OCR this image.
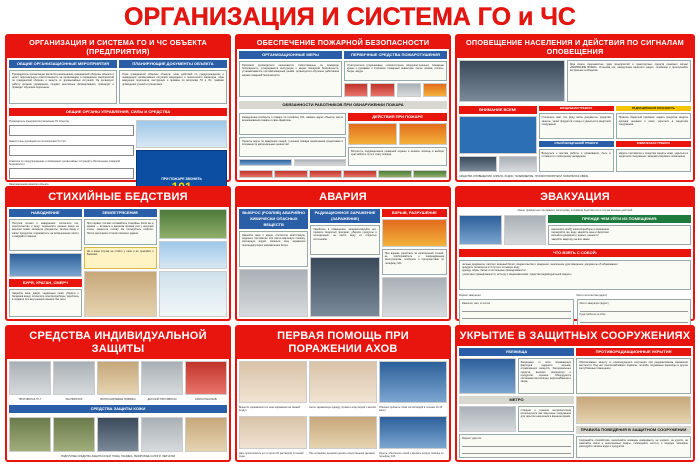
ОРГАНИЗАЦИЯ И СИСТЕМА ГО и ЧС
ОРГАНИЗАЦИЯ И СИСТЕМА ГО И ЧС ОБЪЕКТА (ПРЕДПРИЯТИЯ)
ОБЩИЕ ОРГАНИЗАЦИОННЫЕ МЕРОПРИЯТИЯ
Руководитель организации является начальником гражданской обороны объекта и несёт персональную ответственность за организацию и проведение мероприятий по гражданской обороне и защите от чрезвычайных ситуаций. Он организует работу органов управления, создаёт нештатные формирования, планирует и проводит обучение персонала.
ПЛАНИРУЮЩИЕ ДОКУМЕНТЫ ОБЪЕКТА
План гражданской обороны объекта, план действий по предупреждению и ликвидации чрезвычайных ситуаций природного и техногенного характера, план эвакуации персонала, инструкции и приказы по вопросам ГО и ЧС, графики проведения учений и тренировок.
ОБЩИЕ ОРГАНЫ УПРАВЛЕНИЯ, СИЛЫ И СРЕДСТВА
Руководитель предприятия (начальник ГО объекта)
Заместитель руководителя по вопросам ГО и ЧС
Комиссия по предупреждению и ликвидации чрезвычайных ситуаций и обеспечению пожарной безопасности
Эвакуационная комиссия объекта
ПРИ ПОЖАРЕ ЗВОНИТЬ
ОБЕСПЕЧЕНИЕ ПОЖАРНОЙ БЕЗОПАСНОСТИ
ОРГАНИЗАЦИОННЫЕ МЕРЫ
Приказом руководителя назначаются ответственные за пожарную безопасность, утверждаются инструкции о мерах пожарной безопасности, устанавливается противопожарный режим, организуется обучение работников мерам пожарной безопасности.
ПЕРВИЧНЫЕ СРЕДСТВА ПОЖАРОТУШЕНИЯ
Огнетушители (порошковые, углекислотные, воздушно-пенные), пожарные краны с рукавами и стволами, пожарный инвентарь: песок, кошма, лопаты, багры, вёдра.
ОБЯЗАННОСТИ РАБОТНИКОВ ПРИ ОБНАРУЖЕНИИ ПОЖАРА
Немедленно сообщить о пожаре по телефону 101, назвать адрес объекта, место возникновения пожара и свою фамилию.
Принять меры по эвакуации людей, тушению пожара первичными средствами и сохранности материальных ценностей.
ДЕЙСТВИЯ ПРИ ПОЖАРЕ
Встретить подразделения пожарной охраны и оказать помощь в выборе кратчайшего пути к очагу пожара.
ОПОВЕЩЕНИЕ НАСЕЛЕНИЯ И ДЕЙСТВИЯ ПО СИГНАЛАМ ОПОВЕЩЕНИЯ
Звук сирен, прерывистые гудки предприятий и транспортных средств означают сигнал «ВНИМАНИЕ ВСЕМ!». Услышав его, немедленно включите радио, телевизор и прослушайте экстренное сообщение.
ВНИМАНИЕ ВСЕМ!	ВОЗДУШНАЯ ТРЕВОГА
Отключить свет, газ, воду, взять документы, средства защиты, запас продуктов и воды и укрыться в защитном сооружении.
ОТБОЙ ВОЗДУШНОЙ ТРЕВОГИ
Вернуться к местам работы и проживания, быть в готовности к повторному нападению.
РАДИАЦИОННАЯ ОПАСНОСТЬ
Принять йодистый препарат, надеть средства защиты органов дыхания и кожи, укрыться в защитном сооружении.
ХИМИЧЕСКАЯ ТРЕВОГА
Надеть противогаз и средства защиты кожи, укрыться в защитном сооружении, загерметизировать помещение.
СРЕДСТВА ОПОВЕЩЕНИЯ: СИРЕНА, РАДИО, ТЕЛЕВИДЕНИЕ, ГРОМКОГОВОРИТЕЛИ, МОБИЛЬНАЯ СВЯЗЬ
СТИХИЙНЫЕ БЕДСТВИЯ
НАВОДНЕНИЕ
Получив сигнал о наводнении: отключите газ, электричество и воду; перенесите ценные вещи на верхние этажи; возьмите документы, тёплые вещи и запас продуктов; поднимитесь на возвышенное место и ожидайте помощи.
БУРЯ, УРАГАН, СМЕРЧ
Закройте окна, двери, чердачные люки; уберите с балконов вещи; отключите электроприборы; укройтесь в подвале или внутренней комнате без окон.
ЗЕМЛЕТРЯСЕНИЕ
При первых толчках оставайтесь спокойны. Если вы в здании — встаньте в дверном проёме или у несущей стены, защитите голову. Не пользуйтесь лифтом. После окончания толчков покиньте здание.
Ни в коем случае не стойте у окон и не прыгайте с балкона!
АВАРИЯ
ВЫБРОС (РОЗЛИВ) АВАРИЙНО ХИМИЧЕСКИ ОПАСНЫХ ВЕЩЕСТВ
Закройте окна и двери, отключите вентиляцию, наденьте противогаз или ватно-марлевую повязку, смоченную водой, покиньте зону заражения перпендикулярно направлению ветра.
РАДИАЦИОННОЕ ЗАРАЖЕНИЕ (ЗАРАЖЕНИЕ)
Укройтесь в помещении, загерметизируйте его, примите йодистый препарат, уберите продукты в холодильник, не пейте воду из открытых источников.
ВЗРЫВ, РАЗРУШЕНИЕ
При взрыве укройтесь за капитальной стеной, не приближайтесь к повреждённым конструкциям, сообщите о происшествии по телефону 101.
ЭВАКУАЦИЯ
Может проводиться при аварии, катастрофе, стихийном бедствии или в случае военных действий
ПРЕЖДЕ ЧЕМ УЙТИ ИЗ ПОМЕЩЕНИЯ:
выключите все电 электроприборы и освещение
перекройте газ, воду, закройте окна и форточки
возьмите документы, деньги, ценности
закройте квартиру на все замки
ЧТО ВЗЯТЬ С СОБОЙ:
личные документы: паспорт, военный билет, свидетельство о рождении, пенсионное удостоверение, документы об образовании
продукты питания на 2-3 суток и питьевую воду
одежду, обувь, бельё и постельные принадлежности
туалетные принадлежности, аптечку с медикаментами, средства индивидуальной защиты
Формат эвакуации:
Фамилия, имя, отчество
Место жительства (адрес)
Место эвакуации (адрес)
Куда прибыли на сбор
СРЕДСТВА ИНДИВИДУАЛЬНОЙ ЗАЩИТЫ
ПРОТИВОГАЗ ГП-7	РЕСПИРАТОР	ВАТНО-МАРЛЕВАЯ ПОВЯЗКА	ДЕТСКИЙ ПРОТИВОГАЗ	САМОСПАСАТЕЛЬ
СРЕДСТВА ЗАЩИТЫ КОЖИ
ПОДРУЧНЫЕ СРЕДСТВА ЗАЩИТЫ КОЖИ: ПЛАЩ, НАКИДКА, РЕЗИНОВЫЕ САПОГИ, ПЕРЧАТКИ
ПЕРВАЯ ПОМОЩЬ ПРИ ПОРАЖЕНИИ АХОВ
Вынести поражённого из зоны заражения на свежий воздух
Снять заражённую одежду, промыть кожу водой с мылом	Обильно промыть глаза чистой водой в течение 10-15 минут
Дать прополоскать рот и горло 2% раствором питьевой соды
При остановке дыхания сделать искусственное дыхание	Укрыть, обеспечить покой и вызвать скорую помощь по телефону 103
УКРЫТИЕ В ЗАЩИТНЫХ СООРУЖЕНИЯХ
УБЕЖИЩА
Защищают от всех поражающих факторов ядерного взрыва, отравляющих веществ, бактериальных средств, высоких температур и продуктов горения. Оборудуются системами вентиляции, водоснабжения и связи.
МЕТРО
Станции и тоннели метрополитена используются как защитные сооружения для укрытия населения в военное время.
Формат укрытия:
ПРОТИВОРАДИАЦИОННЫЕ УКРЫТИЯ
Обеспечивают защиту от ионизирующего излучения при радиоактивном заражении местности. Под них приспосабливают подвалы, погреба, подземные переходы и другие заглублённые помещения.
ПРАВИЛА ПОВЕДЕНИЯ В ЗАЩИТНОМ СООРУЖЕНИИ
Сохраняйте спокойствие, выполняйте команды коменданта, не шумите, не курите, не зажигайте свечи и керосиновые лампы, соблюдайте чистоту и порядок, экономно расходуйте запасы воды и продуктов.
